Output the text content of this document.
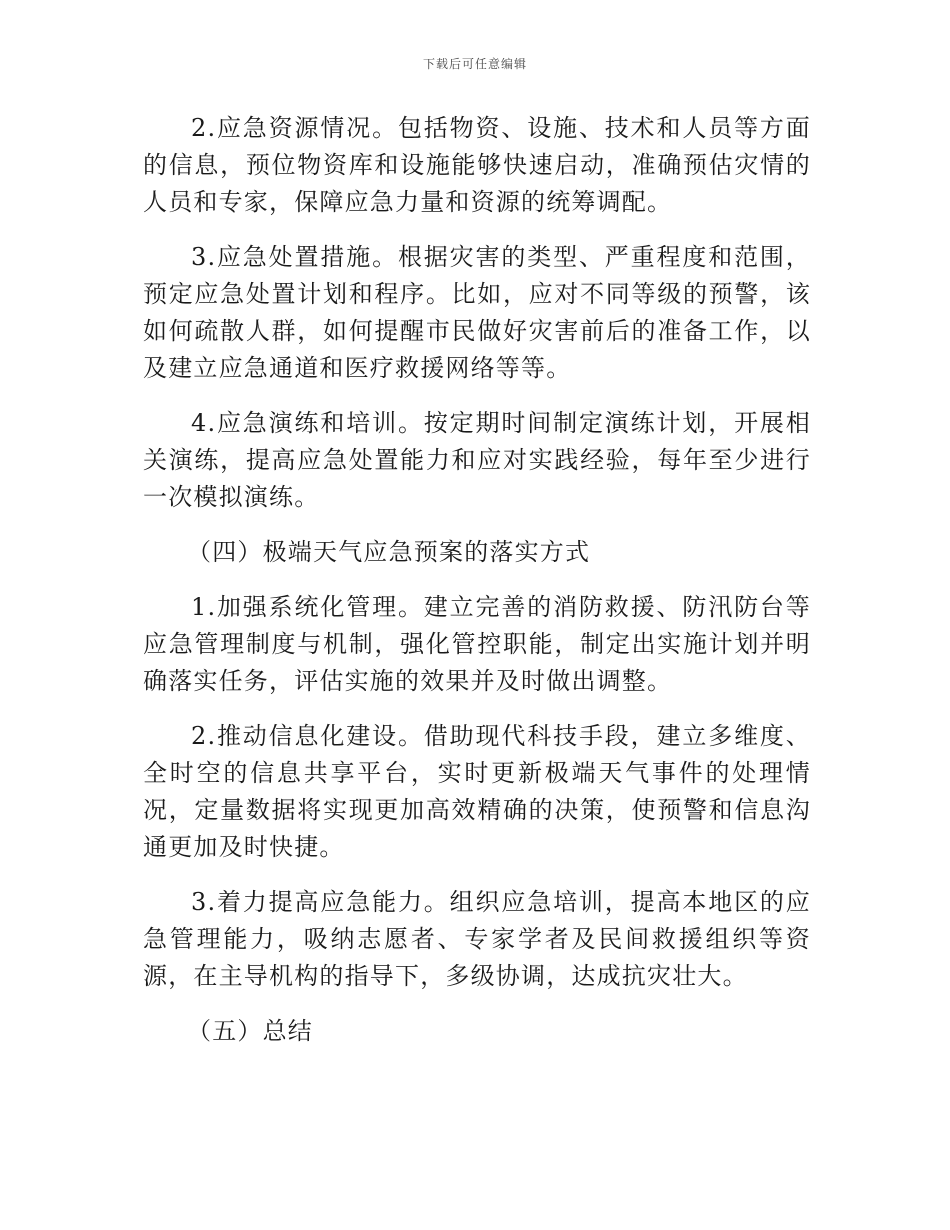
下载后可任意编辑

2.应急资源情况。包括物资、设施、技术和人员等方面的信息，预位物资库和设施能够快速启动，准确预估灾情的人员和专家，保障应急力量和资源的统筹调配。

3.应急处置措施。根据灾害的类型、严重程度和范围，预定应急处置计划和程序。比如，应对不同等级的预警，该如何疏散人群，如何提醒市民做好灾害前后的准备工作，以及建立应急通道和医疗救援网络等等。

4.应急演练和培训。按定期时间制定演练计划，开展相关演练，提高应急处置能力和应对实践经验，每年至少进行一次模拟演练。

（四）极端天气应急预案的落实方式

1.加强系统化管理。建立完善的消防救援、防汛防台等应急管理制度与机制，强化管控职能，制定出实施计划并明确落实任务，评估实施的效果并及时做出调整。

2.推动信息化建设。借助现代科技手段，建立多维度、全时空的信息共享平台，实时更新极端天气事件的处理情况，定量数据将实现更加高效精确的决策，使预警和信息沟通更加及时快捷。

3.着力提高应急能力。组织应急培训，提高本地区的应急管理能力，吸纳志愿者、专家学者及民间救援组织等资源，在主导机构的指导下，多级协调，达成抗灾壮大。

（五）总结
